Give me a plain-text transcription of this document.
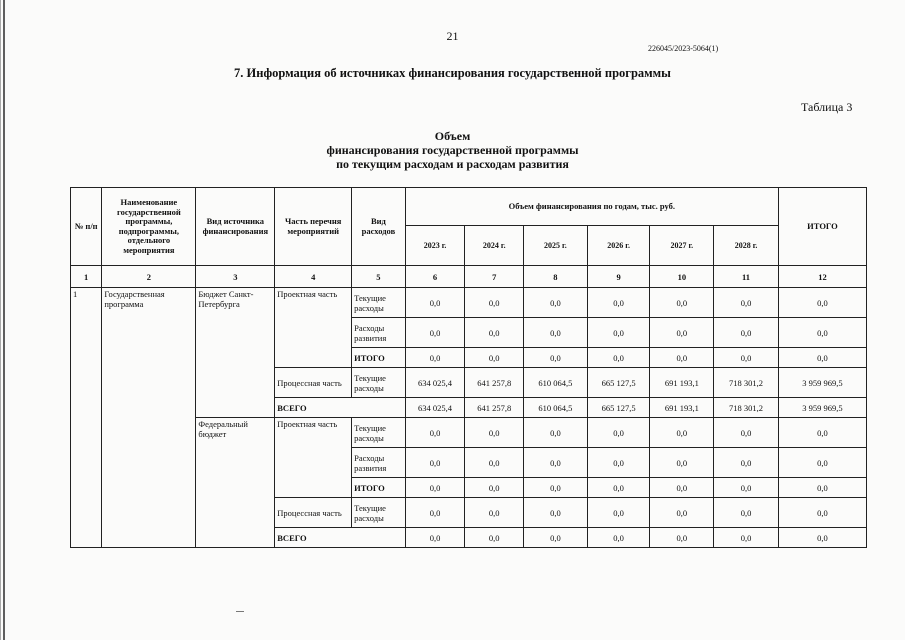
21
226045/2023-5064(1)
7. Информация об источниках финансирования государственной программы
Таблица 3
Объем
финансирования государственной программы
по текущим расходам и расходам развития
№ п/п	Наименование государственной программы, подпрограммы, отдельного мероприятия	Вид источника финансирования	Часть перечня мероприятий	Вид расходов	Объем финансирования по годам, тыс. руб.						ИТОГО
					2023 г.	2024 г.	2025 г.	2026 г.	2027 г.	2028 г.	
1	2	3	4	5	6	7	8	9	10	11	12
1	Государственная программа	Бюджет Санкт-Петербурга	Проектная часть	Текущие расходы	0,0	0,0	0,0	0,0	0,0	0,0	0,0
				Расходы развития	0,0	0,0	0,0	0,0	0,0	0,0	0,0
				ИТОГО	0,0	0,0	0,0	0,0	0,0	0,0	0,0
			Процессная часть	Текущие расходы	634 025,4	641 257,8	610 064,5	665 127,5	691 193,1	718 301,2	3 959 969,5
			ВСЕГО		634 025,4	641 257,8	610 064,5	665 127,5	691 193,1	718 301,2	3 959 969,5
		Федеральный бюджет	Проектная часть	Текущие расходы	0,0	0,0	0,0	0,0	0,0	0,0	0,0
				Расходы развития	0,0	0,0	0,0	0,0	0,0	0,0	0,0
				ИТОГО	0,0	0,0	0,0	0,0	0,0	0,0	0,0
			Процессная часть	Текущие расходы	0,0	0,0	0,0	0,0	0,0	0,0	0,0
			ВСЕГО		0,0	0,0	0,0	0,0	0,0	0,0	0,0
